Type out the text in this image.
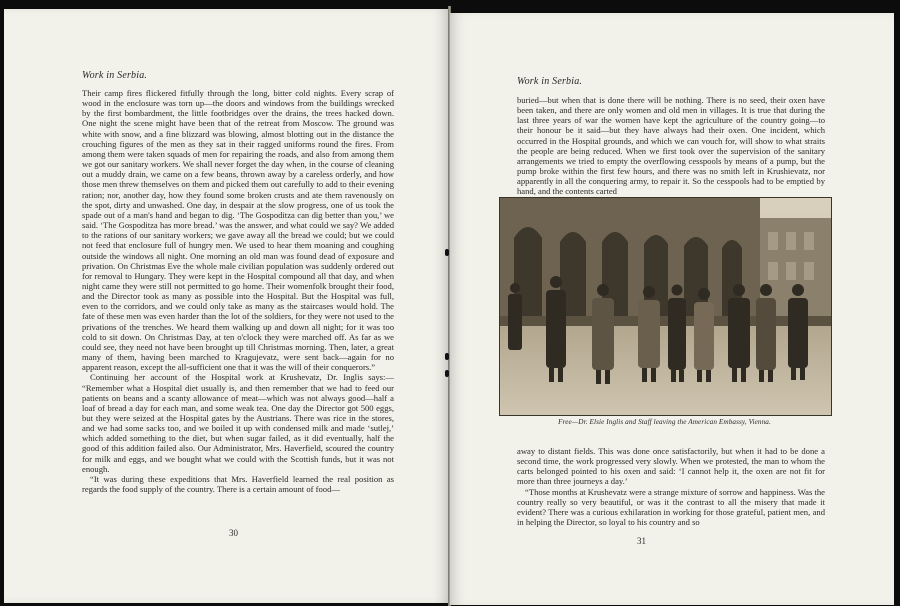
Work in Serbia.

Their camp fires flickered fitfully through the long, bitter cold nights. Every scrap of wood in the enclosure was torn up—the doors and windows from the buildings wrecked by the first bombardment, the little footbridges over the drains, the trees hacked down. One night the scene might have been that of the retreat from Moscow. The ground was white with snow, and a fine blizzard was blowing, almost blotting out in the distance the crouching figures of the men as they sat in their ragged uniforms round the fires. From among them were taken squads of men for repairing the roads, and also from among them we got our sanitary workers. We shall never forget the day when, in the course of cleaning out a muddy drain, we came on a few beans, thrown away by a careless orderly, and how those men threw themselves on them and picked them out carefully to add to their evening ration; nor, another day, how they found some broken crusts and ate them ravenously on the spot, dirty and unwashed. One day, in despair at the slow progress, one of us took the spade out of a man's hand and began to dig. ‘The Gospoditza can dig better than you,’ we said. ‘The Gospoditza has more bread.’ was the answer, and what could we say? We added to the rations of our sanitary workers; we gave away all the bread we could; but we could not feed that enclosure full of hungry men. We used to hear them moaning and coughing outside the windows all night. One morning an old man was found dead of exposure and privation. On Christmas Eve the whole male civilian population was suddenly ordered out for removal to Hungary. They were kept in the Hospital compound all that day, and when night came they were still not permitted to go home. Their womenfolk brought their food, and the Director took as many as possible into the Hospital. But the Hospital was full, even to the corridors, and we could only take as many as the staircases would hold. The fate of these men was even harder than the lot of the soldiers, for they were not used to the privations of the trenches. We heard them walking up and down all night; for it was too cold to sit down. On Christmas Day, at ten o'clock they were marched off. As far as we could see, they need not have been brought up till Christmas morning. Then, later, a great many of them, having been marched to Kragujevatz, were sent back—again for no apparent reason, except the all-sufficient one that it was the will of their conquerors.”

Continuing her account of the Hospital work at Krushevatz, Dr. Inglis says:— “Remember what a Hospital diet usually is, and then remember that we had to feed our patients on beans and a scanty allowance of meat—which was not always good—half a loaf of bread a day for each man, and some weak tea. One day the Director got 500 eggs, but they were seized at the Hospital gates by the Austrians. There was rice in the stores, and we had some sacks too, and we boiled it up with condensed milk and made ‘sutlej,’ which added something to the diet, but when sugar failed, as it did eventually, half the good of this addition failed also. Our Administrator, Mrs. Haverfield, scoured the country for milk and eggs, and we bought what we could with the Scottish funds, but it was not enough.

“It was during these expeditions that Mrs. Haverfield learned the real position as regards the food supply of the country. There is a certain amount of food—

30
Work in Serbia.

buried—but when that is done there will be nothing. There is no seed, their oxen have been taken, and there are only women and old men in villages. It is true that during the last three years of war the women have kept the agriculture of the country going—to their honour be it said—but they have always had their oxen. One incident, which occurred in the Hospital grounds, and which we can vouch for, will show to what straits the people are being reduced. When we first took over the supervision of the sanitary arrangements we tried to empty the overflowing cesspools by means of a pump, but the pump broke within the first few hours, and there was no smith left in Krushievatz, nor apparently in all the conquering army, to repair it. So the cesspools had to be emptied by hand, and the contents carted

Free—Dr. Elsie Inglis and Staff leaving the American Embassy, Vienna.

away to distant fields. This was done once satisfactorily, but when it had to be done a second time, the work progressed very slowly. When we protested, the man to whom the carts belonged pointed to his oxen and said: ‘I cannot help it, the oxen are not fit for more than three journeys a day.’

“Those months at Krushevatz were a strange mixture of sorrow and happiness. Was the country really so very beautiful, or was it the contrast to all the misery that made it evident? There was a curious exhilaration in working for those grateful, patient men, and in helping the Director, so loyal to his country and so

31
